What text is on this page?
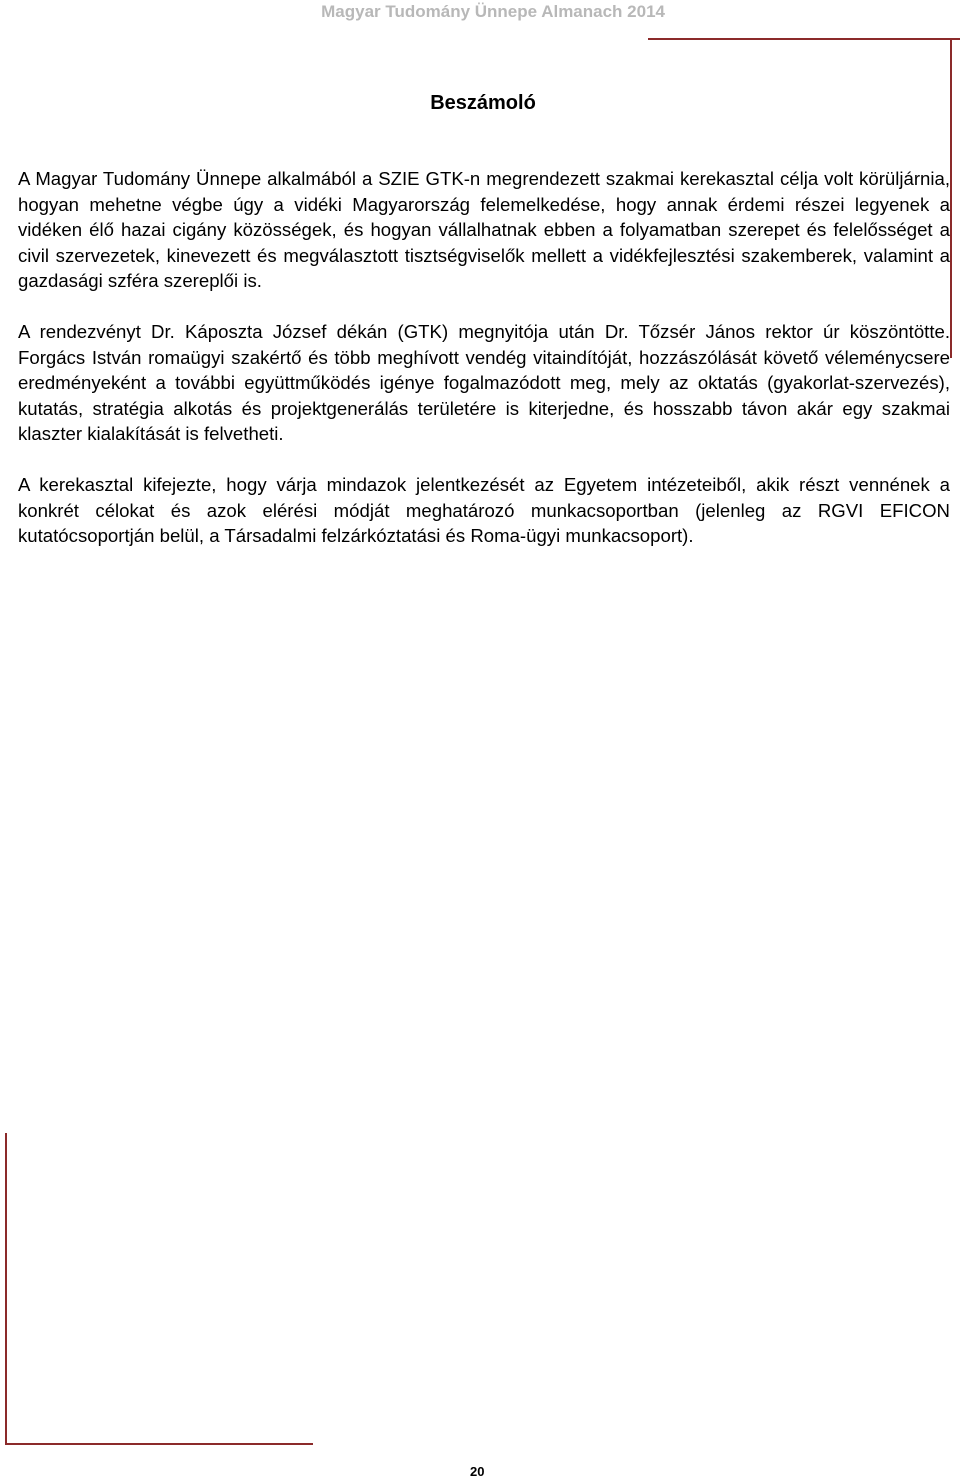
Magyar Tudomány Ünnepe Almanach 2014
Beszámoló

A Magyar Tudomány Ünnepe alkalmából a SZIE GTK-n megrendezett szakmai kerekasztal célja volt körüljárnia, hogyan mehetne végbe úgy a vidéki Magyarország felemelkedése, hogy annak érdemi részei legyenek a vidéken élő hazai cigány közösségek, és hogyan vállalhatnak ebben a folyamatban szerepet és felelősséget a civil szervezetek, kinevezett és megválasztott tisztségviselők mellett a vidékfejlesztési szakemberek, valamint a gazdasági szféra szereplői is.

A rendezvényt Dr. Káposzta József dékán (GTK) megnyitója után Dr. Tőzsér János rektor úr köszöntötte. Forgács István romaügyi szakértő és több meghívott vendég vitaindítóját, hozzászólását követő véleménycsere eredményeként a további együttműködés igénye fogalmazódott meg, mely az oktatás (gyakorlat-szervezés), kutatás, stratégia alkotás és projektgenerálás területére is kiterjedne, és hosszabb távon akár egy szakmai klaszter kialakítását is felvetheti.

A kerekasztal kifejezte, hogy várja mindazok jelentkezését az Egyetem intézeteiből, akik részt vennének a konkrét célokat és azok elérési módját meghatározó munkacsoportban (jelenleg az RGVI EFICON kutatócsoportján belül, a Társadalmi felzárkóztatási és Roma-ügyi munkacsoport).

20
